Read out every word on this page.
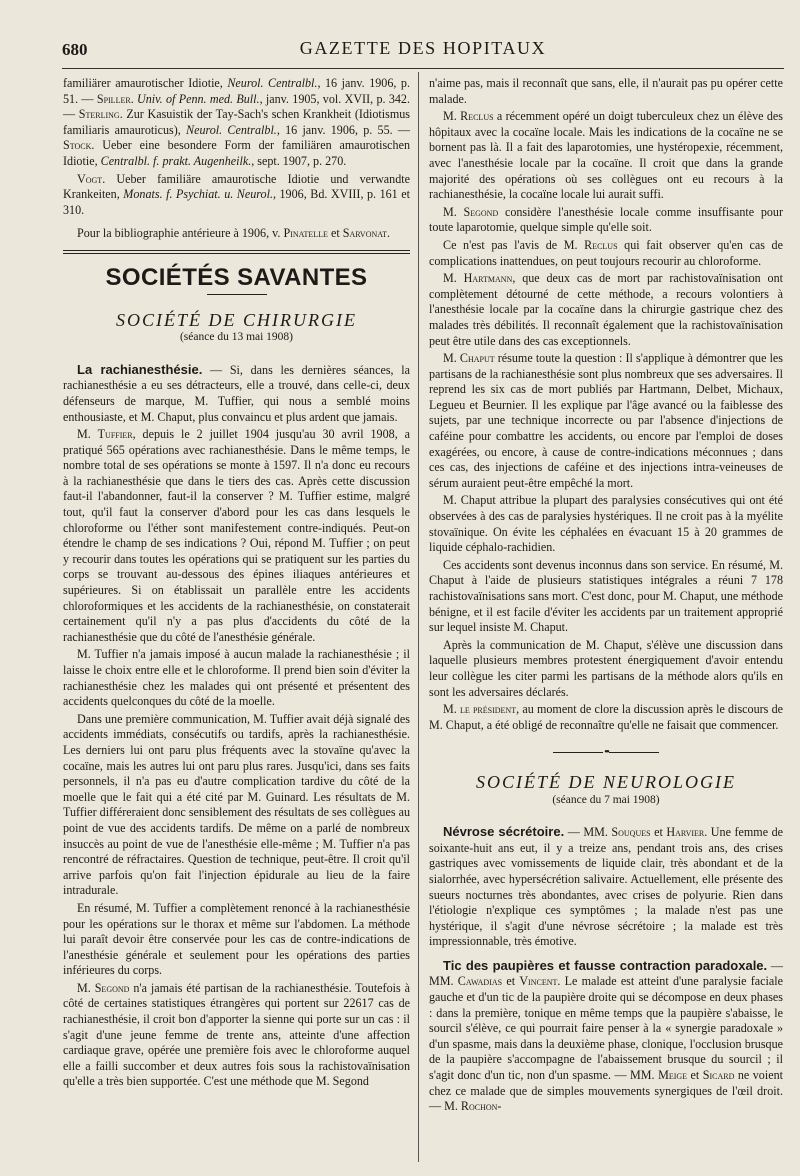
680	GAZETTE DES HOPITAUX

familiärer amaurotischer Idiotie, Neurol. Centralbl., 16 janv. 1906, p. 51. — Spiller. Univ. of Penn. med. Bull., janv. 1905, vol. XVII, p. 342. — Sterling. Zur Kasuistik der Tay-Sach's schen Krankheit (Idiotismus familiaris amauroticus), Neurol. Centralbl., 16 janv. 1906, p. 55. — Stock. Ueber eine besondere Form der familiären amaurotischen Idiotie, Centralbl. f. prakt. Augenheilk., sept. 1907, p. 270.

Vogt. Ueber familiäre amaurotische Idiotie und verwandte Krankeiten, Monats. f. Psychiat. u. Neurol., 1906, Bd. XVIII, p. 161 et 310.

Pour la bibliographie antérieure à 1906, v. Pinatelle et Sarvonat.

SOCIÉTÉS SAVANTES
SOCIÉTÉ DE CHIRURGIE
(séance du 13 mai 1908)

La rachianesthésie. — Si, dans les dernières séances, la rachianesthésie a eu ses détracteurs, elle a trouvé, dans celle-ci, deux défenseurs de marque, M. Tuffier, qui nous a semblé moins enthousiaste, et M. Chaput, plus convaincu et plus ardent que jamais.

M. Tuffier, depuis le 2 juillet 1904 jusqu'au 30 avril 1908, a pratiqué 565 opérations avec rachianesthésie. Dans le même temps, le nombre total de ses opérations se monte à 1597. Il n'a donc eu recours à la rachianesthésie que dans le tiers des cas. Après cette discussion faut-il l'abandonner, faut-il la conserver ? M. Tuffier estime, malgré tout, qu'il faut la conserver d'abord pour les cas dans lesquels le chloroforme ou l'éther sont manifestement contre-indiqués. Peut-on étendre le champ de ses indications ? Oui, répond M. Tuffier ; on peut y recourir dans toutes les opérations qui se pratiquent sur les parties du corps se trouvant au-dessous des épines iliaques antérieures et supérieures. Si on établissait un parallèle entre les accidents chloroformiques et les accidents de la rachianesthésie, on constaterait certainement qu'il n'y a pas plus d'accidents du côté de la rachianesthésie que du côté de l'anesthésie générale.

M. Tuffier n'a jamais imposé à aucun malade la rachianesthésie ; il laisse le choix entre elle et le chloroforme. Il prend bien soin d'éviter la rachianesthésie chez les malades qui ont présenté et présentent des accidents quelconques du côté de la moelle.

Dans une première communication, M. Tuffier avait déjà signalé des accidents immédiats, consécutifs ou tardifs, après la rachianesthésie. Les derniers lui ont paru plus fréquents avec la stovaïne qu'avec la cocaïne, mais les autres lui ont paru plus rares. Jusqu'ici, dans ses faits personnels, il n'a pas eu d'autre complication tardive du côté de la moelle que le fait qui a été cité par M. Guinard. Les résultats de M. Tuffier différeraient donc sensiblement des résultats de ses collègues au point de vue des accidents tardifs. De même on a parlé de nombreux insuccès au point de vue de l'anesthésie elle-même ; M. Tuffier n'a pas rencontré de réfractaires. Question de technique, peut-être. Il croit qu'il arrive parfois qu'on fait l'injection épidurale au lieu de la faire intradurale.

En résumé, M. Tuffier a complètement renoncé à la rachianesthésie pour les opérations sur le thorax et même sur l'abdomen. La méthode lui paraît devoir être conservée pour les cas de contre-indications de l'anesthésie générale et seulement pour les opérations des parties inférieures du corps.

M. Segond n'a jamais été partisan de la rachianesthésie. Toutefois à côté de certaines statistiques étrangères qui portent sur 22617 cas de rachianesthésie, il croit bon d'apporter la sienne qui porte sur un cas : il s'agit d'une jeune femme de trente ans, atteinte d'une affection cardiaque grave, opérée une première fois avec le chloroforme auquel elle a failli succomber et deux autres fois sous la rachistovaïnisation qu'elle a très bien supportée. C'est une méthode que M. Segond

n'aime pas, mais il reconnaît que sans, elle, il n'aurait pas pu opérer cette malade.

M. Reclus a récemment opéré un doigt tuberculeux chez un élève des hôpitaux avec la cocaïne locale. Mais les indications de la cocaïne ne se bornent pas là. Il a fait des laparotomies, une hystéropexie, récemment, avec l'anesthésie locale par la cocaïne. Il croit que dans la grande majorité des opérations où ses collègues ont eu recours à la rachianesthésie, la cocaïne locale lui aurait suffi.

M. Segond considère l'anesthésie locale comme insuffisante pour toute laparotomie, quelque simple qu'elle soit.

Ce n'est pas l'avis de M. Reclus qui fait observer qu'en cas de complications inattendues, on peut toujours recourir au chloroforme.

M. Hartmann, que deux cas de mort par rachistovaïnisation ont complètement détourné de cette méthode, a recours volontiers à l'anesthésie locale par la cocaïne dans la chirurgie gastrique chez des malades très débilités. Il reconnaît également que la rachistovaïnisation peut être utile dans des cas exceptionnels.

M. Chaput résume toute la question : Il s'applique à démontrer que les partisans de la rachianesthésie sont plus nombreux que ses adversaires. Il reprend les six cas de mort publiés par Hartmann, Delbet, Michaux, Legueu et Beurnier. Il les explique par l'âge avancé ou la faiblesse des sujets, par une technique incorrecte ou par l'absence d'injections de caféine pour combattre les accidents, ou encore par l'emploi de doses exagérées, ou encore, à cause de contre-indications méconnues ; dans ces cas, des injections de caféine et des injections intra-veineuses de sérum auraient peut-être empêché la mort.

M. Chaput attribue la plupart des paralysies consécutives qui ont été observées à des cas de paralysies hystériques. Il ne croit pas à la myélite stovaïnique. On évite les céphalées en évacuant 15 à 20 grammes de liquide céphalo-rachidien.

Ces accidents sont devenus inconnus dans son service. En résumé, M. Chaput à l'aide de plusieurs statistiques intégrales a réuni 7 178 rachistovaïnisations sans mort. C'est donc, pour M. Chaput, une méthode bénigne, et il est facile d'éviter les accidents par un traitement approprié sur lequel insiste M. Chaput.

Après la communication de M. Chaput, s'élève une discussion dans laquelle plusieurs membres protestent énergiquement d'avoir entendu leur collègue les citer parmi les partisans de la méthode alors qu'ils en sont les adversaires déclarés.

M. le président, au moment de clore la discussion après le discours de M. Chaput, a été obligé de reconnaître qu'elle ne faisait que commencer.

••
SOCIÉTÉ DE NEUROLOGIE
(séance du 7 mai 1908)

Névrose sécrétoire. — MM. Souques et Harvier. Une femme de soixante-huit ans eut, il y a treize ans, pendant trois ans, des crises gastriques avec vomissements de liquide clair, très abondant et de la sialorrhée, avec hypersécrétion salivaire. Actuellement, elle présente des sueurs nocturnes très abondantes, avec crises de polyurie. Rien dans l'étiologie n'explique ces symptômes ; la malade n'est pas une hystérique, il s'agit d'une névrose sécrétoire ; la malade est très impressionnable, très émotive.

Tic des paupières et fausse contraction paradoxale. — MM. Cawadias et Vincent. Le malade est atteint d'une paralysie faciale gauche et d'un tic de la paupière droite qui se décompose en deux phases : dans la première, tonique en même temps que la paupière s'abaisse, le sourcil s'élève, ce qui pourrait faire penser à la « synergie paradoxale » d'un spasme, mais dans la deuxième phase, clonique, l'occlusion brusque de la paupière s'accompagne de l'abaissement brusque du sourcil ; il s'agit donc d'un tic, non d'un spasme. — MM. Meige et Sicard ne voient chez ce malade que de simples mouvements synergiques de l'œil droit. — M. Rochon-
